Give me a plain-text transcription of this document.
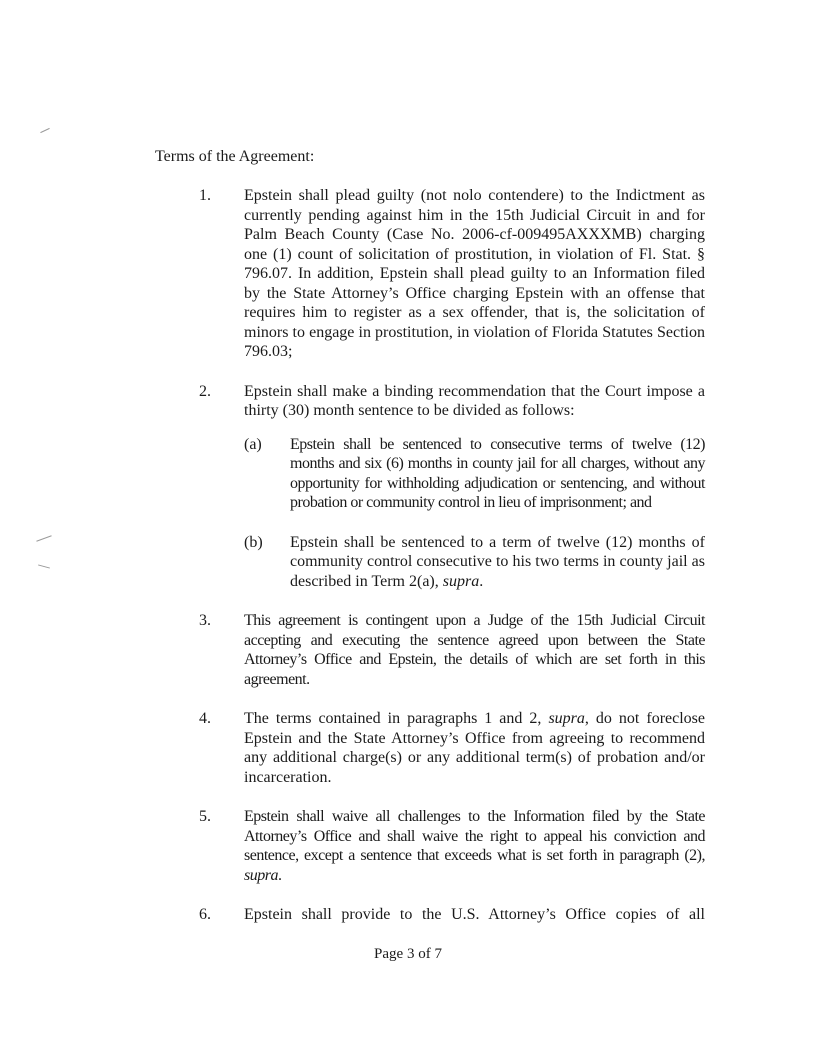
Terms of the Agreement:
1. Epstein shall plead guilty (not nolo contendere) to the Indictment as currently pending against him in the 15th Judicial Circuit in and for Palm Beach County (Case No. 2006-cf-009495AXXXMB) charging one (1) count of solicitation of prostitution, in violation of Fl. Stat. § 796.07. In addition, Epstein shall plead guilty to an Information filed by the State Attorney’s Office charging Epstein with an offense that requires him to register as a sex offender, that is, the solicitation of minors to engage in prostitution, in violation of Florida Statutes Section 796.03;

2. Epstein shall make a binding recommendation that the Court impose a thirty (30) month sentence to be divided as follows:

(a) Epstein shall be sentenced to consecutive terms of twelve (12) months and six (6) months in county jail for all charges, without any opportunity for withholding adjudication or sentencing, and without probation or community control in lieu of imprisonment; and

(b) Epstein shall be sentenced to a term of twelve (12) months of community control consecutive to his two terms in county jail as described in Term 2(a), supra.

3. This agreement is contingent upon a Judge of the 15th Judicial Circuit accepting and executing the sentence agreed upon between the State Attorney’s Office and Epstein, the details of which are set forth in this agreement.

4. The terms contained in paragraphs 1 and 2, supra, do not foreclose Epstein and the State Attorney’s Office from agreeing to recommend any additional charge(s) or any additional term(s) of probation and/or incarceration.

5. Epstein shall waive all challenges to the Information filed by the State Attorney’s Office and shall waive the right to appeal his conviction and sentence, except a sentence that exceeds what is set forth in paragraph (2), supra.

6. Epstein shall provide to the U.S. Attorney’s Office copies of all

Page 3 of 7
